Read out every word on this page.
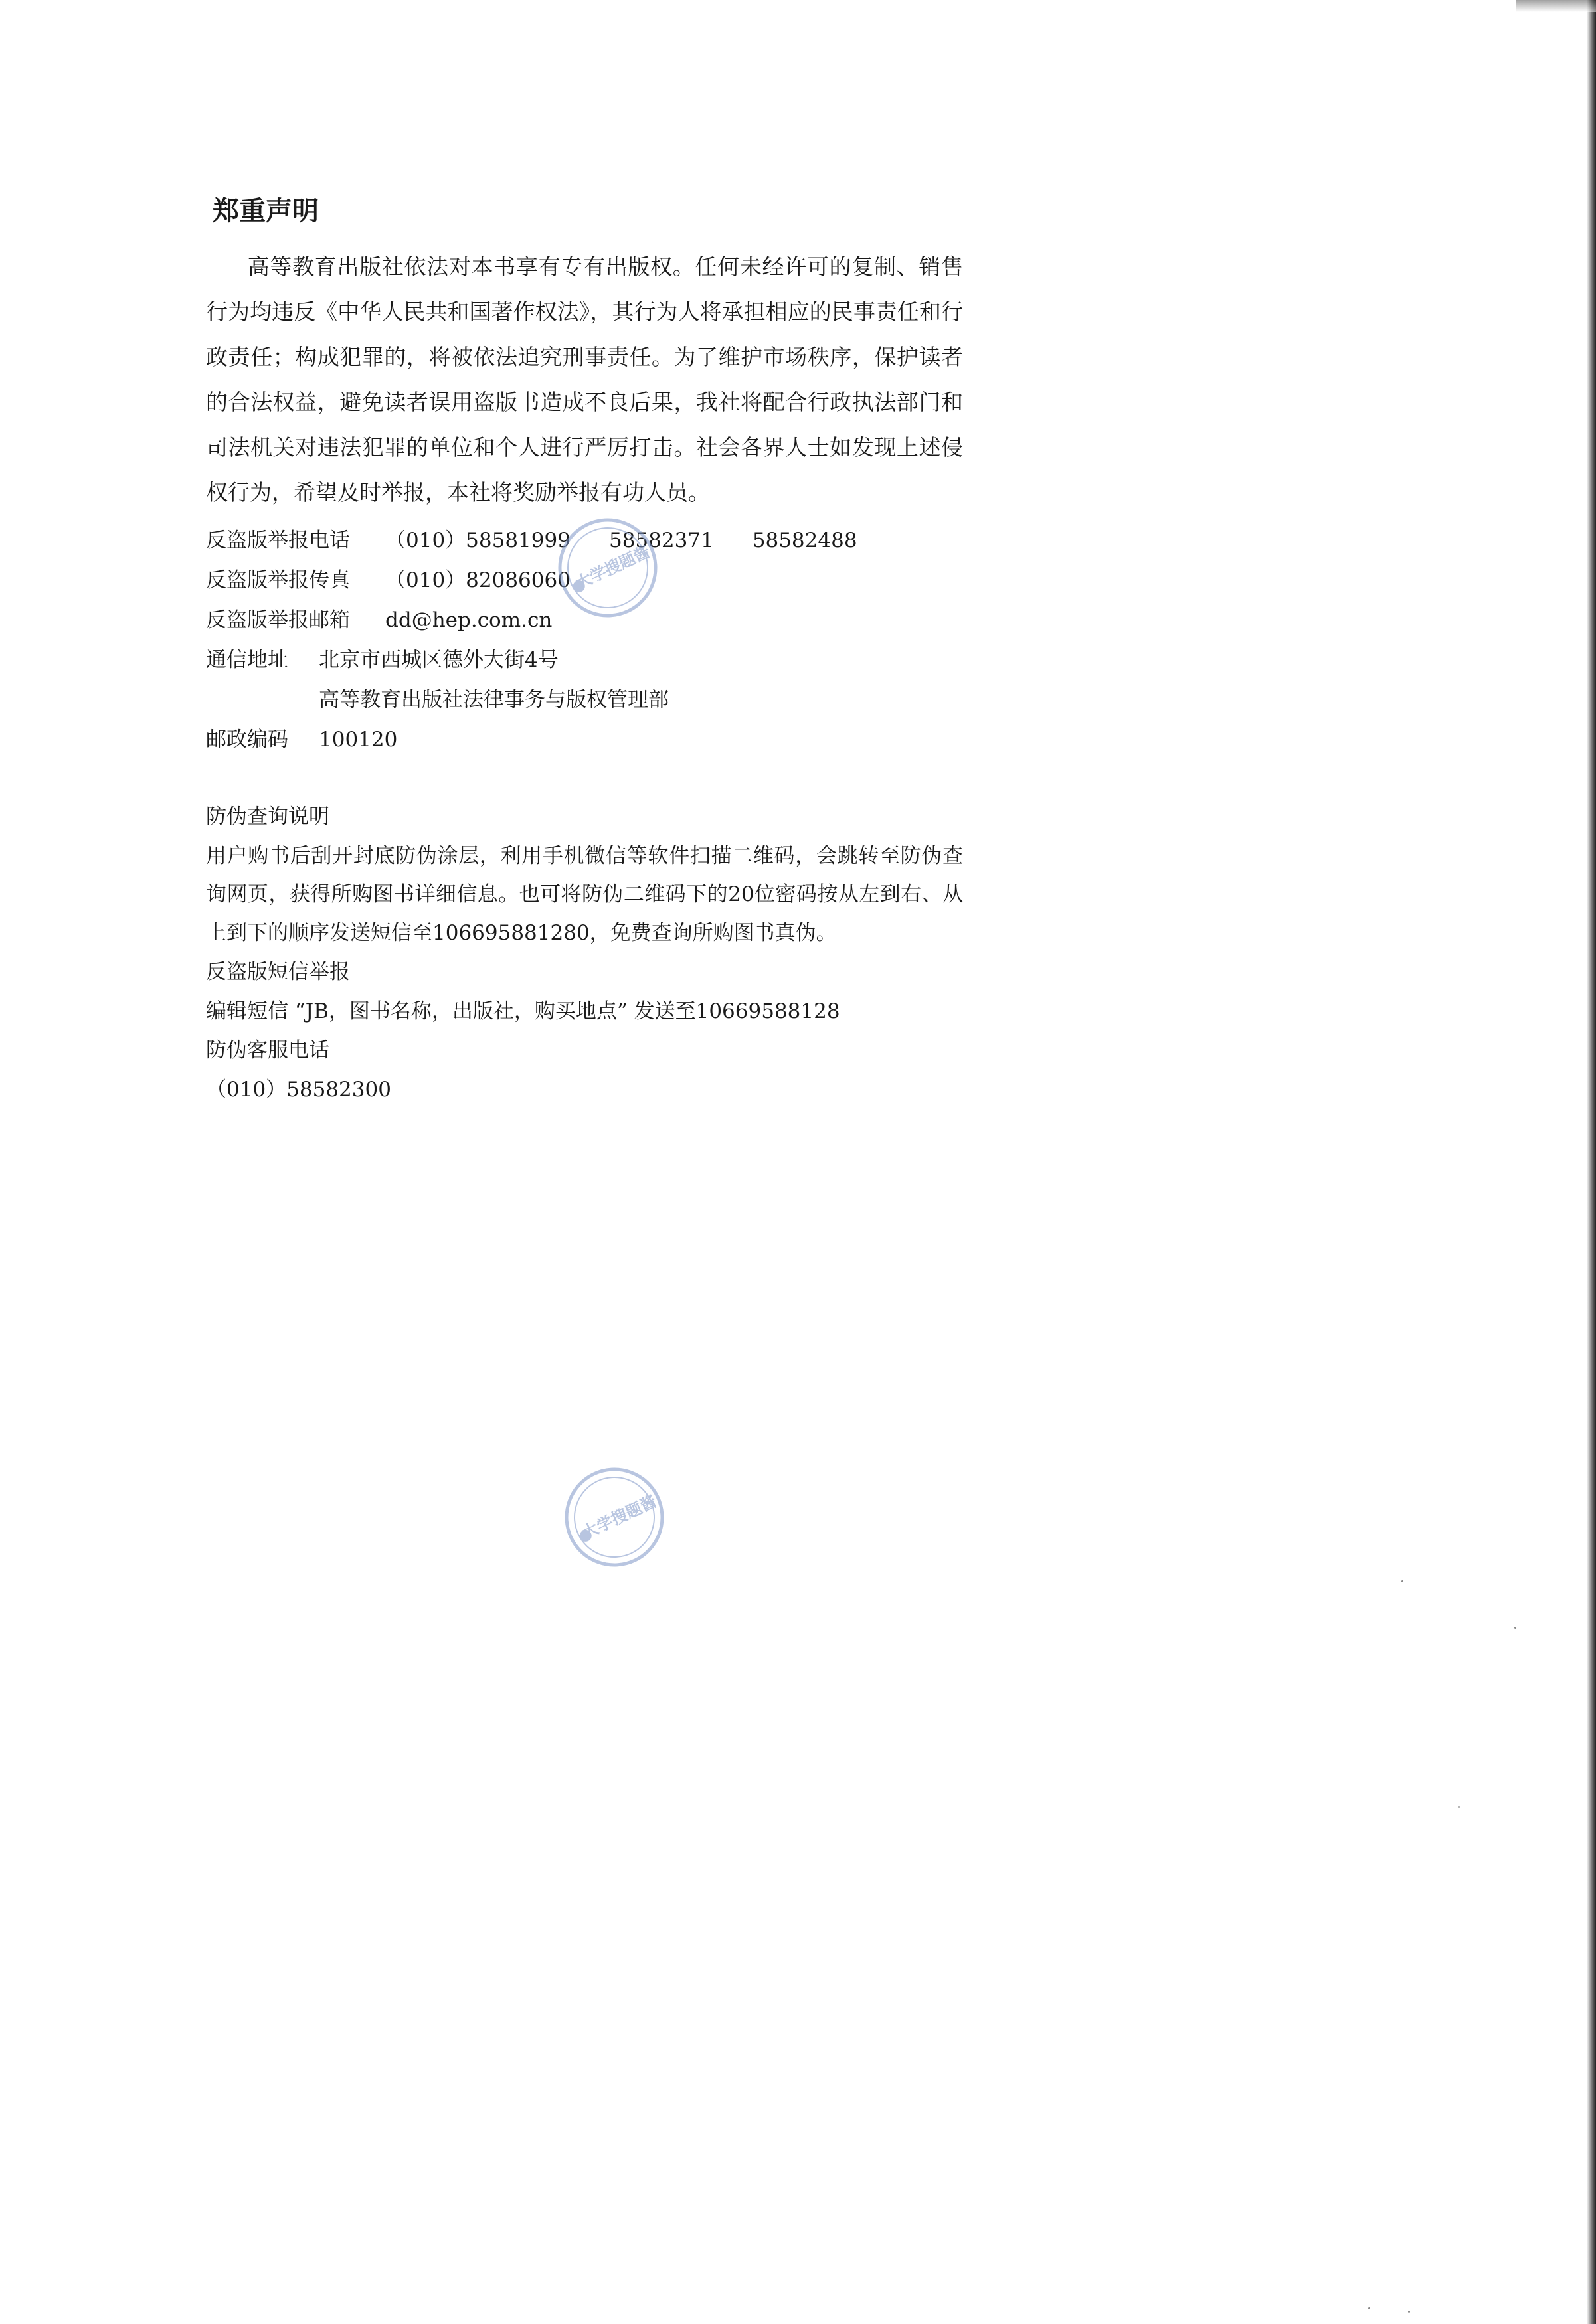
郑重声明

高等教育出版社依法对本书享有专有出版权。任何未经许可的复制、销售行为均违反《中华人民共和国著作权法》，其行为人将承担相应的民事责任和行政责任；构成犯罪的，将被依法追究刑事责任。为了维护市场秩序，保护读者的合法权益，避免读者误用盗版书造成不良后果，我社将配合行政执法部门和司法机关对违法犯罪的单位和个人进行严厉打击。社会各界人士如发现上述侵权行为，希望及时举报，本社将奖励举报有功人员。

反盗版举报电话	（010）58581999 58582371 58582488
反盗版举报传真	（010）82086060
反盗版举报邮箱	dd@hep.com.cn
通信地址	北京市西城区德外大街4号
高等教育出版社法律事务与版权管理部
邮政编码	100120

防伪查询说明

用户购书后刮开封底防伪涂层，利用手机微信等软件扫描二维码，会跳转至防伪查询网页，获得所购图书详细信息。也可将防伪二维码下的20位密码按从左到右、从上到下的顺序发送短信至106695881280，免费查询所购图书真伪。

反盗版短信举报

编辑短信 “JB，图书名称，出版社，购买地点” 发送至10669588128

防伪客服电话

（010）58582300

大学搜题酱
大学搜题酱
